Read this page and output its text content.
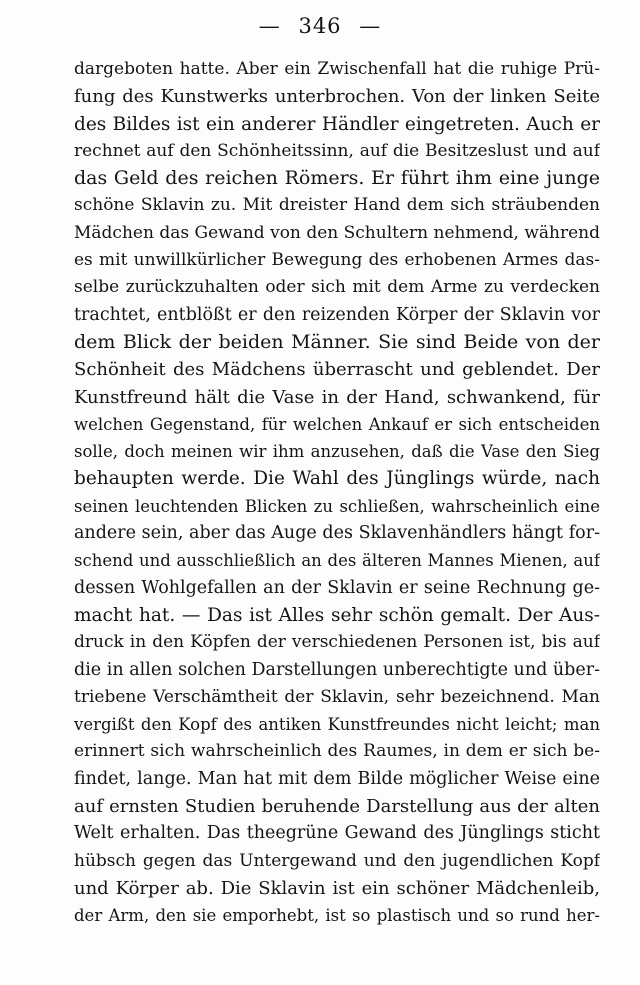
— 346 —
dargeboten hatte. Aber ein Zwischenfall hat die ruhige Prü-
fung des Kunstwerks unterbrochen. Von der linken Seite
des Bildes ist ein anderer Händler eingetreten. Auch er
rechnet auf den Schönheitssinn, auf die Besitzeslust und auf
das Geld des reichen Römers. Er führt ihm eine junge
schöne Sklavin zu. Mit dreister Hand dem sich sträubenden
Mädchen das Gewand von den Schultern nehmend, während
es mit unwillkürlicher Bewegung des erhobenen Armes das-
selbe zurückzuhalten oder sich mit dem Arme zu verdecken
trachtet, entblößt er den reizenden Körper der Sklavin vor
dem Blick der beiden Männer. Sie sind Beide von der
Schönheit des Mädchens überrascht und geblendet. Der
Kunstfreund hält die Vase in der Hand, schwankend, für
welchen Gegenstand, für welchen Ankauf er sich entscheiden
solle, doch meinen wir ihm anzusehen, daß die Vase den Sieg
behaupten werde. Die Wahl des Jünglings würde, nach
seinen leuchtenden Blicken zu schließen, wahrscheinlich eine
andere sein, aber das Auge des Sklavenhändlers hängt for-
schend und ausschließlich an des älteren Mannes Mienen, auf
dessen Wohlgefallen an der Sklavin er seine Rechnung ge-
macht hat. — Das ist Alles sehr schön gemalt. Der Aus-
druck in den Köpfen der verschiedenen Personen ist, bis auf
die in allen solchen Darstellungen unberechtigte und über-
triebene Verschämtheit der Sklavin, sehr bezeichnend. Man
vergißt den Kopf des antiken Kunstfreundes nicht leicht; man
erinnert sich wahrscheinlich des Raumes, in dem er sich be-
findet, lange. Man hat mit dem Bilde möglicher Weise eine
auf ernsten Studien beruhende Darstellung aus der alten
Welt erhalten. Das theegrüne Gewand des Jünglings sticht
hübsch gegen das Untergewand und den jugendlichen Kopf
und Körper ab. Die Sklavin ist ein schöner Mädchenleib,
der Arm, den sie emporhebt, ist so plastisch und so rund her-
